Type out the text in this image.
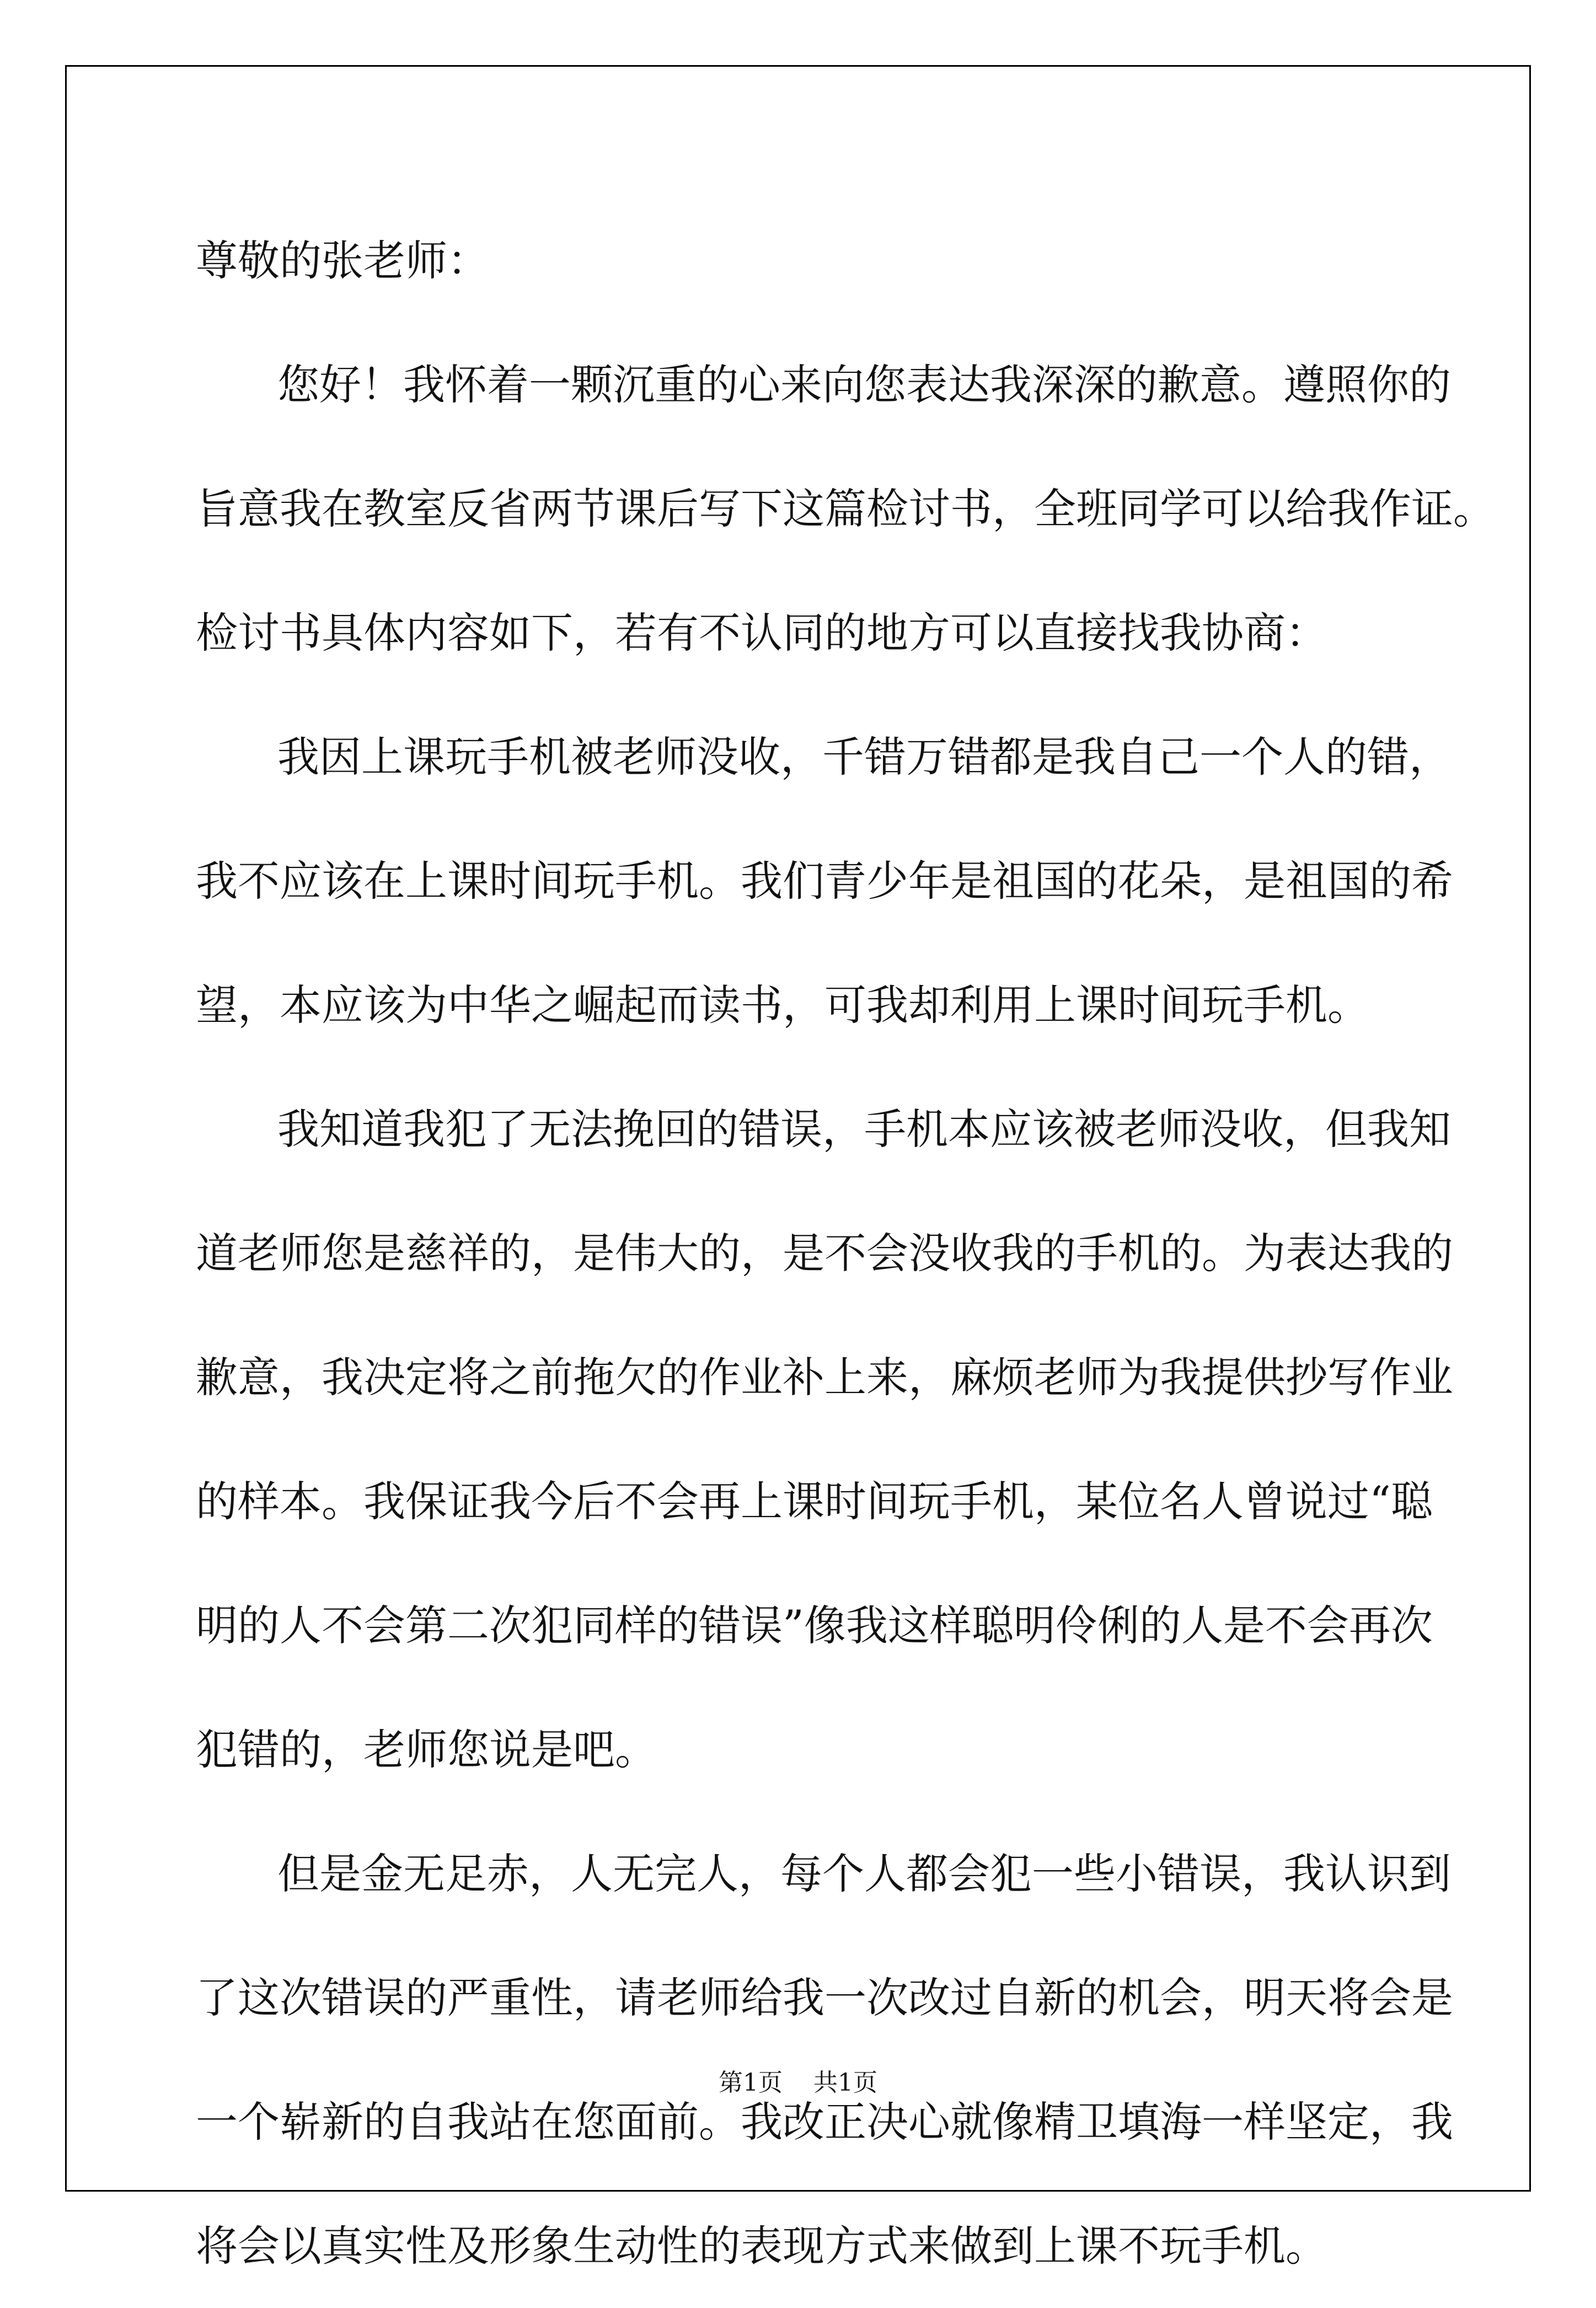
尊敬的张老师：
您好！我怀着一颗沉重的心来向您表达我深深的歉意。遵照你的
旨意我在教室反省两节课后写下这篇检讨书，全班同学可以给我作证。
检讨书具体内容如下，若有不认同的地方可以直接找我协商：
我因上课玩手机被老师没收，千错万错都是我自己一个人的错，
我不应该在上课时间玩手机。我们青少年是祖国的花朵，是祖国的希
望，本应该为中华之崛起而读书，可我却利用上课时间玩手机。
我知道我犯了无法挽回的错误，手机本应该被老师没收，但我知
道老师您是慈祥的，是伟大的，是不会没收我的手机的。为表达我的
歉意，我决定将之前拖欠的作业补上来，麻烦老师为我提供抄写作业
的样本。我保证我今后不会再上课时间玩手机，某位名人曾说过“聪
明的人不会第二次犯同样的错误”像我这样聪明伶俐的人是不会再次
犯错的，老师您说是吧。
但是金无足赤，人无完人，每个人都会犯一些小错误，我认识到
了这次错误的严重性，请老师给我一次改过自新的机会，明天将会是
一个崭新的自我站在您面前。我改正决心就像精卫填海一样坚定，我
将会以真实性及形象生动性的表现方式来做到上课不玩手机。
第1页 共1页
